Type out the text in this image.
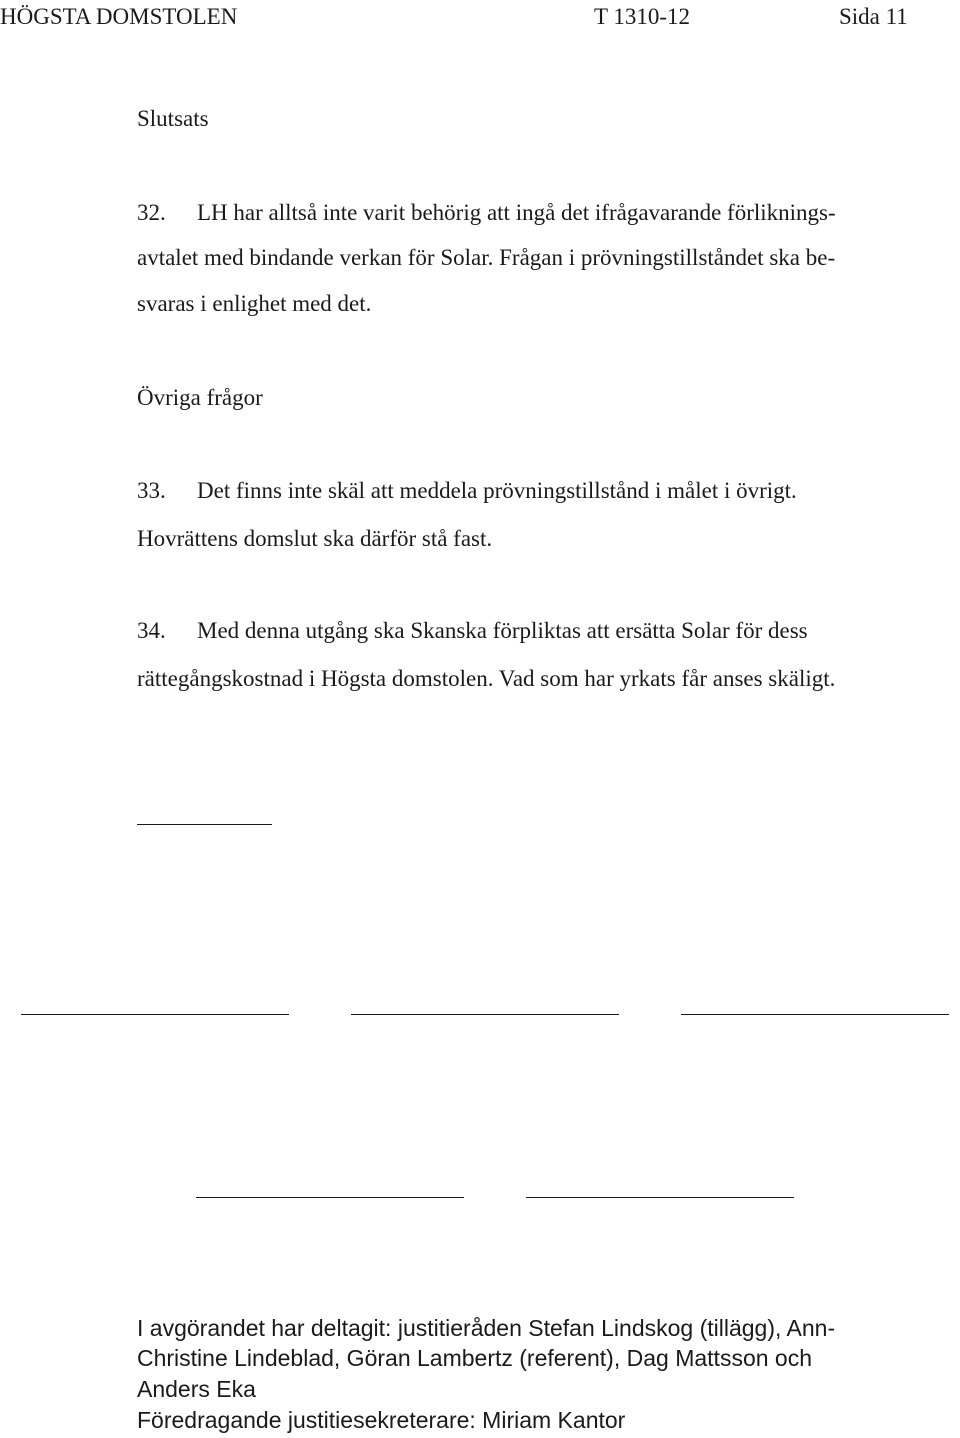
HÖGSTA DOMSTOLEN	T 1310-12	Sida 11
Slutsats
32. LH har alltså inte varit behörig att ingå det ifrågavarande förliknings-
avtalet med bindande verkan för Solar. Frågan i prövningstillståndet ska be-
svaras i enlighet med det.
Övriga frågor
33. Det finns inte skäl att meddela prövningstillstånd i målet i övrigt.
Hovrättens domslut ska därför stå fast.
34. Med denna utgång ska Skanska förpliktas att ersätta Solar för dess
rättegångskostnad i Högsta domstolen. Vad som har yrkats får anses skäligt.
I avgörandet har deltagit: justitieråden Stefan Lindskog (tillägg), Ann-
Christine Lindeblad, Göran Lambertz (referent), Dag Mattsson och
Anders Eka
Föredragande justitiesekreterare: Miriam Kantor
